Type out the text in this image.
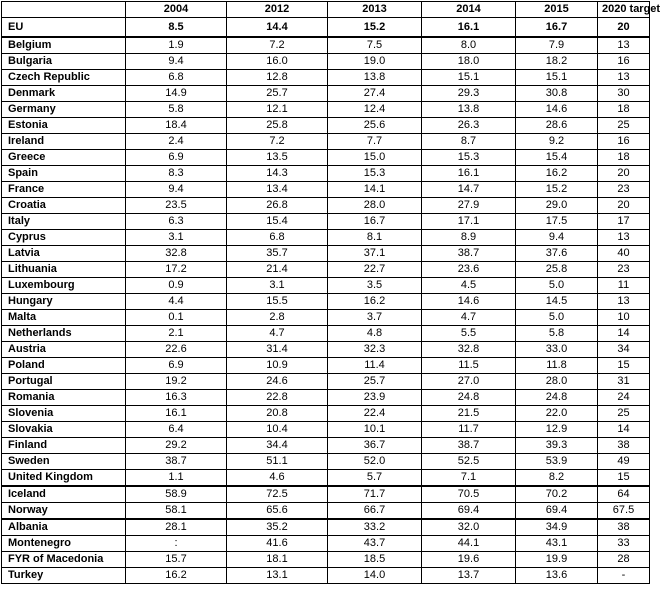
	2004	2012	2013	2014	2015	2020 target
EU	8.5	14.4	15.2	16.1	16.7	20
Belgium	1.9	7.2	7.5	8.0	7.9	13
Bulgaria	9.4	16.0	19.0	18.0	18.2	16
Czech Republic	6.8	12.8	13.8	15.1	15.1	13
Denmark	14.9	25.7	27.4	29.3	30.8	30
Germany	5.8	12.1	12.4	13.8	14.6	18
Estonia	18.4	25.8	25.6	26.3	28.6	25
Ireland	2.4	7.2	7.7	8.7	9.2	16
Greece	6.9	13.5	15.0	15.3	15.4	18
Spain	8.3	14.3	15.3	16.1	16.2	20
France	9.4	13.4	14.1	14.7	15.2	23
Croatia	23.5	26.8	28.0	27.9	29.0	20
Italy	6.3	15.4	16.7	17.1	17.5	17
Cyprus	3.1	6.8	8.1	8.9	9.4	13
Latvia	32.8	35.7	37.1	38.7	37.6	40
Lithuania	17.2	21.4	22.7	23.6	25.8	23
Luxembourg	0.9	3.1	3.5	4.5	5.0	11
Hungary	4.4	15.5	16.2	14.6	14.5	13
Malta	0.1	2.8	3.7	4.7	5.0	10
Netherlands	2.1	4.7	4.8	5.5	5.8	14
Austria	22.6	31.4	32.3	32.8	33.0	34
Poland	6.9	10.9	11.4	11.5	11.8	15
Portugal	19.2	24.6	25.7	27.0	28.0	31
Romania	16.3	22.8	23.9	24.8	24.8	24
Slovenia	16.1	20.8	22.4	21.5	22.0	25
Slovakia	6.4	10.4	10.1	11.7	12.9	14
Finland	29.2	34.4	36.7	38.7	39.3	38
Sweden	38.7	51.1	52.0	52.5	53.9	49
United Kingdom	1.1	4.6	5.7	7.1	8.2	15
Iceland	58.9	72.5	71.7	70.5	70.2	64
Norway	58.1	65.6	66.7	69.4	69.4	67.5
Albania	28.1	35.2	33.2	32.0	34.9	38
Montenegro	:	41.6	43.7	44.1	43.1	33
FYR of Macedonia	15.7	18.1	18.5	19.6	19.9	28
Turkey	16.2	13.1	14.0	13.7	13.6	-
